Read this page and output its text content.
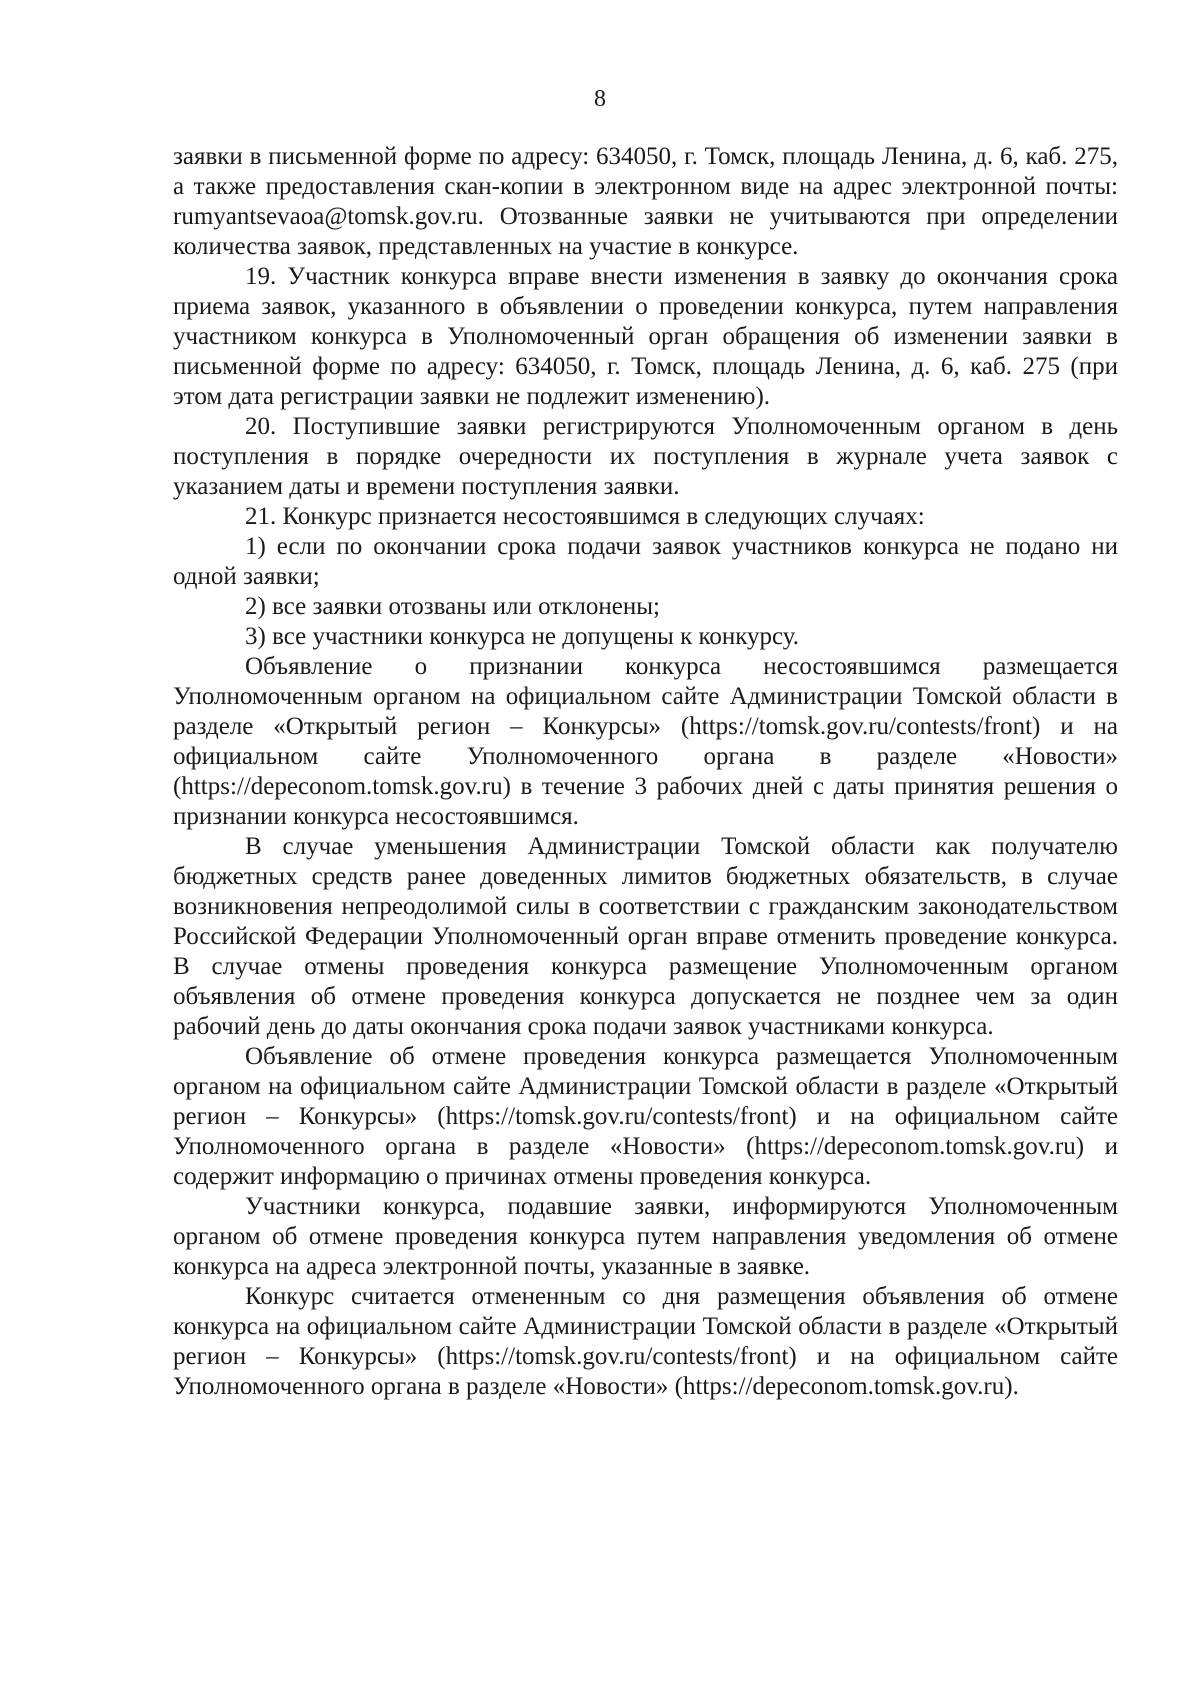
8

заявки в письменной форме по адресу: 634050, г. Томск, площадь Ленина, д. 6, каб. 275, а также предоставления скан-копии в электронном виде на адрес электронной почты: rumyantsevaoa@tomsk.gov.ru. Отозванные заявки не учитываются при определении количества заявок, представленных на участие в конкурсе.

19. Участник конкурса вправе внести изменения в заявку до окончания срока приема заявок, указанного в объявлении о проведении конкурса, путем направления участником конкурса в Уполномоченный орган обращения об изменении заявки в письменной форме по адресу: 634050, г. Томск, площадь Ленина, д. 6, каб. 275 (при этом дата регистрации заявки не подлежит изменению).

20. Поступившие заявки регистрируются Уполномоченным органом в день поступления в порядке очередности их поступления в журнале учета заявок с указанием даты и времени поступления заявки.

21. Конкурс признается несостоявшимся в следующих случаях:

1) если по окончании срока подачи заявок участников конкурса не подано ни одной заявки;

2) все заявки отозваны или отклонены;

3) все участники конкурса не допущены к конкурсу.

Объявление о признании конкурса несостоявшимся размещается Уполномоченным органом на официальном сайте Администрации Томской области в разделе «Открытый регион – Конкурсы» (https://tomsk.gov.ru/contests/front) и на официальном сайте Уполномоченного органа в разделе «Новости» (https://depeconom.tomsk.gov.ru) в течение 3 рабочих дней с даты принятия решения о признании конкурса несостоявшимся.

В случае уменьшения Администрации Томской области как получателю бюджетных средств ранее доведенных лимитов бюджетных обязательств, в случае возникновения непреодолимой силы в соответствии с гражданским законодательством Российской Федерации Уполномоченный орган вправе отменить проведение конкурса. В случае отмены проведения конкурса размещение Уполномоченным органом объявления об отмене проведения конкурса допускается не позднее чем за один рабочий день до даты окончания срока подачи заявок участниками конкурса.

Объявление об отмене проведения конкурса размещается Уполномоченным органом на официальном сайте Администрации Томской области в разделе «Открытый регион – Конкурсы» (https://tomsk.gov.ru/contests/front) и на официальном сайте Уполномоченного органа в разделе «Новости» (https://depeconom.tomsk.gov.ru) и содержит информацию о причинах отмены проведения конкурса.

Участники конкурса, подавшие заявки, информируются Уполномоченным органом об отмене проведения конкурса путем направления уведомления об отмене конкурса на адреса электронной почты, указанные в заявке.

Конкурс считается отмененным со дня размещения объявления об отмене конкурса на официальном сайте Администрации Томской области в разделе «Открытый регион – Конкурсы» (https://tomsk.gov.ru/contests/front) и на официальном сайте Уполномоченного органа в разделе «Новости» (https://depeconom.tomsk.gov.ru).
